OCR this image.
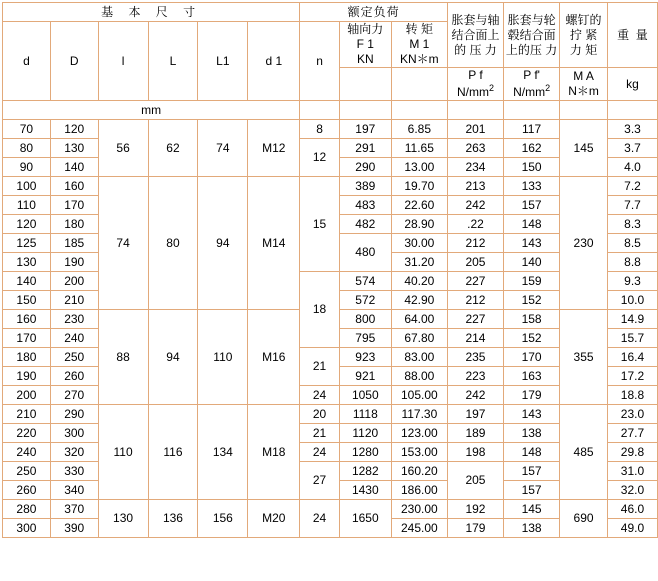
基 本 尺 寸						额定负荷			胀套与轴
结合面上
的 压 力	胀套与轮
毂结合面
上的压 力	螺钉的
拧 紧
力 矩	重  量
d	D	l	L	L1	d 1	n	轴向力
F 1
KN	转 矩
M 1
KN＊m				
									P f
$N/mm^2$	P f'
$N/mm^2$	M A
N＊m	kg
mm												
70	120	56	62	74	M12	8	197	6.85	201	117	145	3.3
80	130					12	291	11.65	263	162		3.7
90	140						290	13.00	234	150		4.0
100	160	74	80	94	M14	15	389	19.70	213	133	230	7.2
110	170						483	22.60	242	157		7.7
120	180						482	28.90	.22	148		8.3
125	185						480	30.00	212	143		8.5
130	190							31.20	205	140		8.8
140	200					18	574	40.20	227	159		9.3
150	210						572	42.90	212	152		10.0
160	230	88	94	110	M16		800	64.00	227	158	355	14.9
170	240						795	67.80	214	152		15.7
180	250					21	923	83.00	235	170		16.4
190	260						921	88.00	223	163		17.2
200	270					24	1050	105.00	242	179		18.8
210	290	110	116	134	M18	20	1118	117.30	197	143	485	23.0
220	300					21	1120	123.00	189	138		27.7
240	320					24	1280	153.00	198	148		29.8
250	330					27	1282	160.20	205	157		31.0
260	340						1430	186.00		157		32.0
280	370	130	136	156	M20	24	1650	230.00	192	145	690	46.0
300	390							245.00	179	138		49.0
